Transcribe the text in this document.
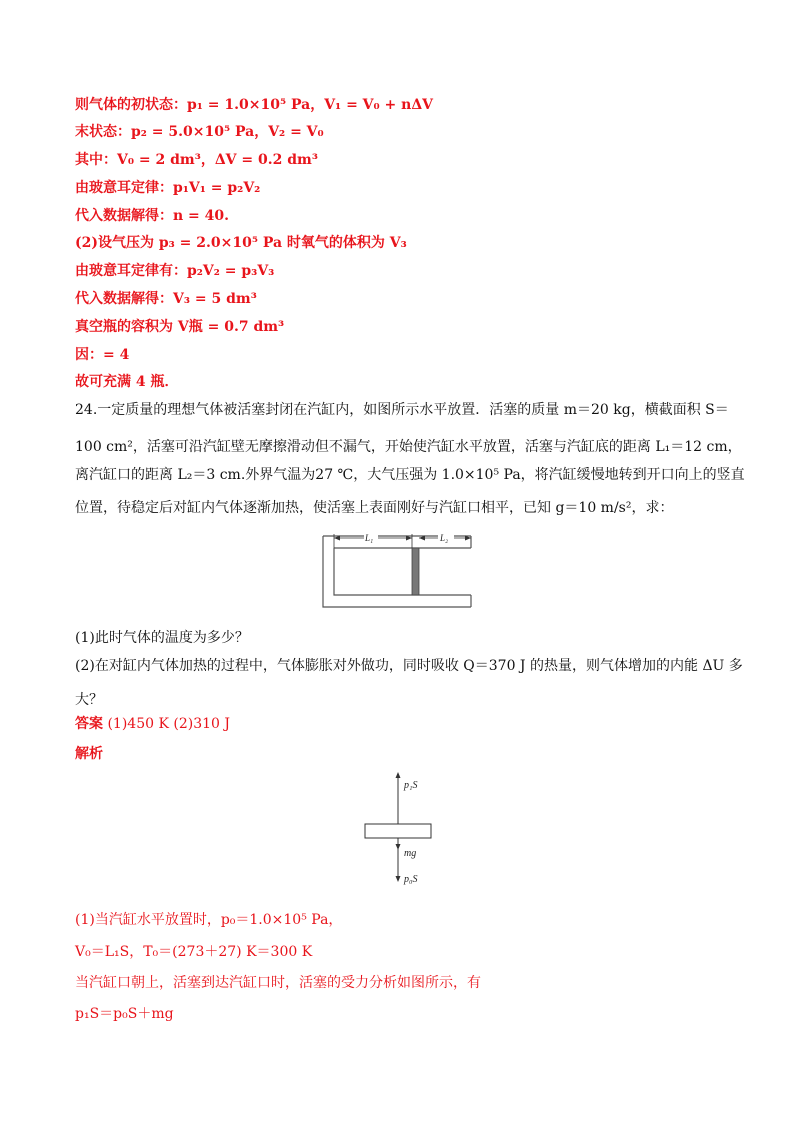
则气体的初状态：p₁ = 1.0×10⁵ Pa，V₁ = V₀ + nΔV
末状态：p₂ = 5.0×10⁵ Pa，V₂ = V₀
其中：V₀ = 2 dm³，ΔV = 0.2 dm³
由玻意耳定律：p₁V₁ = p₂V₂
代入数据解得：n = 40.
(2)设气压为 p₃ = 2.0×10⁵ Pa 时氧气的体积为 V₃
由玻意耳定律有：p₂V₂ = p₃V₃
代入数据解得：V₃ = 5 dm³
真空瓶的容积为 V瓶 = 0.7 dm³
因：= 4
故可充满 4 瓶．
24.一定质量的理想气体被活塞封闭在汽缸内，如图所示水平放置．活塞的质量 m＝20 kg，横截面积 S＝
100 cm²，活塞可沿汽缸壁无摩擦滑动但不漏气，开始使汽缸水平放置，活塞与汽缸底的距离 L₁＝12 cm，
离汽缸口的距离 L₂＝3 cm.外界气温为27 ℃，大气压强为 1.0×10⁵ Pa，将汽缸缓慢地转到开口向上的竖直
位置，待稳定后对缸内气体逐渐加热，使活塞上表面刚好与汽缸口相平，已知 g＝10 m/s²，求：
L₁	L₂
(1)此时气体的温度为多少？
(2)在对缸内气体加热的过程中，气体膨胀对外做功，同时吸收 Q＝370 J 的热量，则气体增加的内能 ΔU 多
大？
答案 (1)450 K (2)310 J
解析
p₁S
mg
p₀S
(1)当汽缸水平放置时，p₀＝1.0×10⁵ Pa，
V₀＝L₁S，T₀＝(273＋27) K＝300 K
当汽缸口朝上，活塞到达汽缸口时，活塞的受力分析如图所示，有
p₁S＝p₀S＋mg
